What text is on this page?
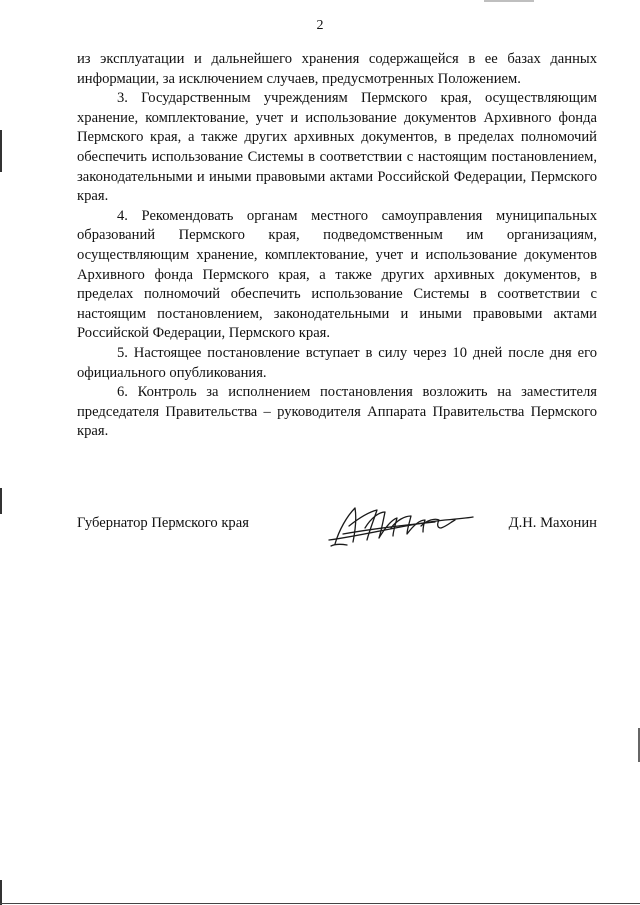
2

из эксплуатации и дальнейшего хранения содержащейся в ее базах данных информации, за исключением случаев, предусмотренных Положением.

3. Государственным учреждениям Пермского края, осуществляющим хранение, комплектование, учет и использование документов Архивного фонда Пермского края, а также других архивных документов, в пределах полномочий обеспечить использование Системы в соответствии с настоящим постановлением, законодательными и иными правовыми актами Российской Федерации, Пермского края.

4. Рекомендовать органам местного самоуправления муниципальных образований Пермского края, подведомственным им организациям, осуществляющим хранение, комплектование, учет и использование документов Архивного фонда Пермского края, а также других архивных документов, в пределах полномочий обеспечить использование Системы в соответствии с настоящим постановлением, законодательными и иными правовыми актами Российской Федерации, Пермского края.

5. Настоящее постановление вступает в силу через 10 дней после дня его официального опубликования.

6. Контроль за исполнением постановления возложить на заместителя председателя Правительства – руководителя Аппарата Правительства Пермского края.

Губернатор Пермского края	Д.Н. Махонин
